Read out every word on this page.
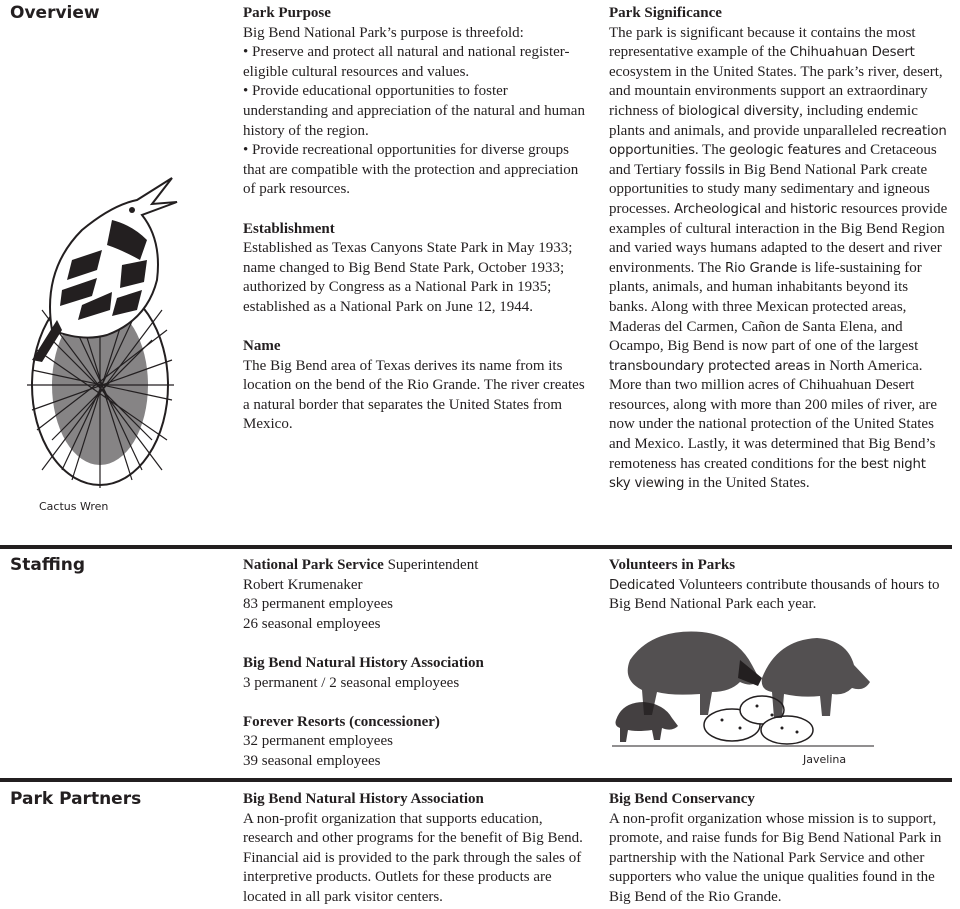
Overview
Staffing
Park Partners
Cactus Wren

Park Purpose

Big Bend National Park’s purpose is threefold:

• Preserve and protect all natural and national register-eligible cultural resources and values.

• Provide educational opportunities to foster understanding and appreciation of the natural and human history of the region.

• Provide recreational opportunities for diverse groups that are compatible with the protection and appreciation of park resources.

Establishment

Established as Texas Canyons State Park in May 1933; name changed to Big Bend State Park, October 1933; authorized by Congress as a National Park in 1935; established as a National Park on June 12, 1944.

Name

The Big Bend area of Texas derives its name from its location on the bend of the Rio Grande. The river creates a natural border that separates the United States from Mexico.

Park Significance

The park is significant because it contains the most representative example of the Chihuahuan Desert ecosystem in the United States. The park’s river, desert, and mountain environments support an extraordinary richness of biological diversity, including endemic plants and animals, and provide unparalleled recreation opportunities. The geologic features and Cretaceous and Tertiary fossils in Big Bend National Park create opportunities to study many sedimentary and igneous processes. Archeological and historic resources provide examples of cultural interaction in the Big Bend Region and varied ways humans adapted to the desert and river environments. The Rio Grande is life-sustaining for plants, animals, and human inhabitants beyond its banks. Along with three Mexican protected areas, Maderas del Carmen, Cañon de Santa Elena, and Ocampo, Big Bend is now part of one of the largest transboundary protected areas in North America. More than two million acres of Chihuahuan Desert resources, along with more than 200 miles of river, are now under the national protection of the United States and Mexico. Lastly, it was determined that Big Bend’s remoteness has created conditions for the best night sky viewing in the United States.

National Park Service Superintendent

Robert Krumenaker

83 permanent employees

26 seasonal employees

Big Bend Natural History Association

3 permanent / 2 seasonal employees

Forever Resorts (concessioner)

32 permanent employees

39 seasonal employees

Volunteers in Parks

Dedicated Volunteers contribute thousands of hours to Big Bend National Park each year.

Javelina

Big Bend Natural History Association

A non-profit organization that supports education, research and other programs for the benefit of Big Bend. Financial aid is provided to the park through the sales of interpretive products. Outlets for these products are located in all park visitor centers.

Big Bend Conservancy

A non-profit organization whose mission is to support, promote, and raise funds for Big Bend National Park in partnership with the National Park Service and other supporters who value the unique qualities found in the Big Bend of the Rio Grande.
